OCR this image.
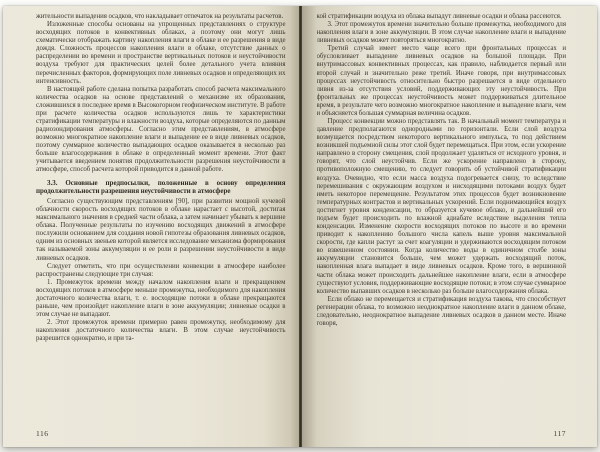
жительности выпадения осадков, что накладывает отпечаток на результаты расчетов.

Изложенные способы основаны на упрощенных представлениях о структуре восходящих потоков в конвективных облаках, а поэтому они могут лишь схематически отображать картину накопления влаги в облаке и ее разрешения в виде дождя. Сложность процессов накопления влаги в облаке, отсутствие данных о распределении во времени и пространстве вертикальных потоков и неустойчивости воздуха требуют для практических целей более детального учета влияния перечисленных факторов, формирующих поле ливневых осадков и определяющих их интенсивность.

В настоящей работе сделана попытка разработать способ расчета максимального количества осадков на основе представлений о механизме их образования, сложившихся в последнее время в Высокогорном геофизическом институте. В работе при расчете количества осадков используются лишь те характеристики стратификации температуры и влажности воздуха, которые определяются по данным радиозондирования атмосферы. Согласно этим представлениям, в атмосфере возможно многократное накопление влаги и выпадение ее в виде ливневых осадков, поэтому суммарное количество выпадающих осадков оказывается в несколько раз больше влагосодержания в облаке в определенный момент времени. Этот факт учитывается введением понятия продолжительности разрешения неустойчивости в атмосфере, способ расчета которой приводится в данной работе.

3.3. Основные предпосылки, положенные в основу определения продолжительности разрешения неустойчивости в атмосфере

Согласно существующим представлениям [90], при развитии мощной кучевой облачности скорость восходящих потоков в облаке нарастает с высотой, достигая максимального значения в средней части облака, а затем начинает убывать к вершине облака. Полученные результаты по изучению восходящих движений в атмосфере послужили основанием для создания новой гипотезы образования ливневых осадков, одним из основных звеньев которой является исследование механизма формирования так называемой зоны аккумуляции и ее роли в разрешении неустойчивости в виде ливневых осадков.

Следует отметить, что при осуществлении конвекции в атмосфере наиболее распространены следующие три случая:

1. Промежуток времени между началом накопления влаги и прекращением восходящих потоков в атмосфере меньше промежутка, необходимого для накопления достаточного количества влаги, т. е. восходящие потоки в облаке прекращаются раньше, чем произойдет накопление влаги в зоне аккумуляции; ливневые осадки в этом случае не выпадают.

2. Этот промежуток времени примерно равен промежутку, необходимому для накопления достаточного количества влаги. В этом случае неустойчивость разрешится однократно, и при та-

116

кой стратификации воздуха из облака выпадут ливневые осадки и облака рассеются.

3. Этот промежуток времени значительно больше промежутка, необходимого для накопления влаги в зоне аккумуляции. В этом случае накопление влаги и выпадение ливневых осадков может повторяться многократно.

Третий случай имеет место чаще всего при фронтальных процессах и обусловливает выпадение ливневых осадков на большой площади. При внутримассовых конвективных процессах, как правило, наблюдается первый или второй случай и значительно реже третий. Иначе говоря, при внутримассовых процессах неустойчивость относительно быстро разрешается в виде отдельного ливня из-за отсутствия условий, поддерживающих эту неустойчивость. При фронтальных же процессах неустойчивость может поддерживаться длительное время, в результате чего возможно многократное накопление и выпадение влаги, чем и объясняется большая суммарная величина осадков.

Процесс конвекции можно представлять так. В начальный момент температура и давление предполагаются однородными по горизонтали. Если слой воздуха возмущается посредством некоторого вертикального импульса, то под действием возникшей подъемной силы этот слой будет перемещаться. При этом, если ускорение направлено в сторону смещения, слой продолжает удаляться от исходного уровня, и говорят, что слой неустойчив. Если же ускорение направлено в сторону, противоположную смещению, то следует говорить об устойчивой стратификации воздуха. Очевидно, что если масса воздуха подогревается снизу, то вследствие перемешивания с окружающим воздухом и нисходящими потоками воздух будет иметь некоторое перемещение. Результатом этих процессов будет возникновение температурных контрастов и вертикальных ускорений. Если поднимающийся воздух достигнет уровня конденсации, то образуется кучевое облако, и дальнейший его подъем будет происходить по влажной адиабате вследствие выделения тепла конденсации. Изменение скорости восходящих потоков по высоте и во времени приводит к накоплению большого числа капель выше уровня максимальной скорости, где капли растут за счет коагуляции и удерживаются восходящим потоком во взвешенном состоянии. Когда количество воды в единичном столбе зоны аккумуляции становится больше, чем может удержать восходящий поток, накопленная влага выпадает в виде ливневых осадков. Кроме того, в вершинной части облака может происходить дальнейшее накопление влаги, если в атмосфере существуют условия, поддерживающие восходящие потоки; в этом случае суммарное количество выпавших осадков в несколько раз больше влагосодержания облака.

Если облако не перемещается и стратификация воздуха такова, что способствует регенерации облака, то возможно неоднократное накопление влаги в данном облаке, следовательно, неоднократное выпадение ливневых осадков в данном месте. Иначе говоря,

117
